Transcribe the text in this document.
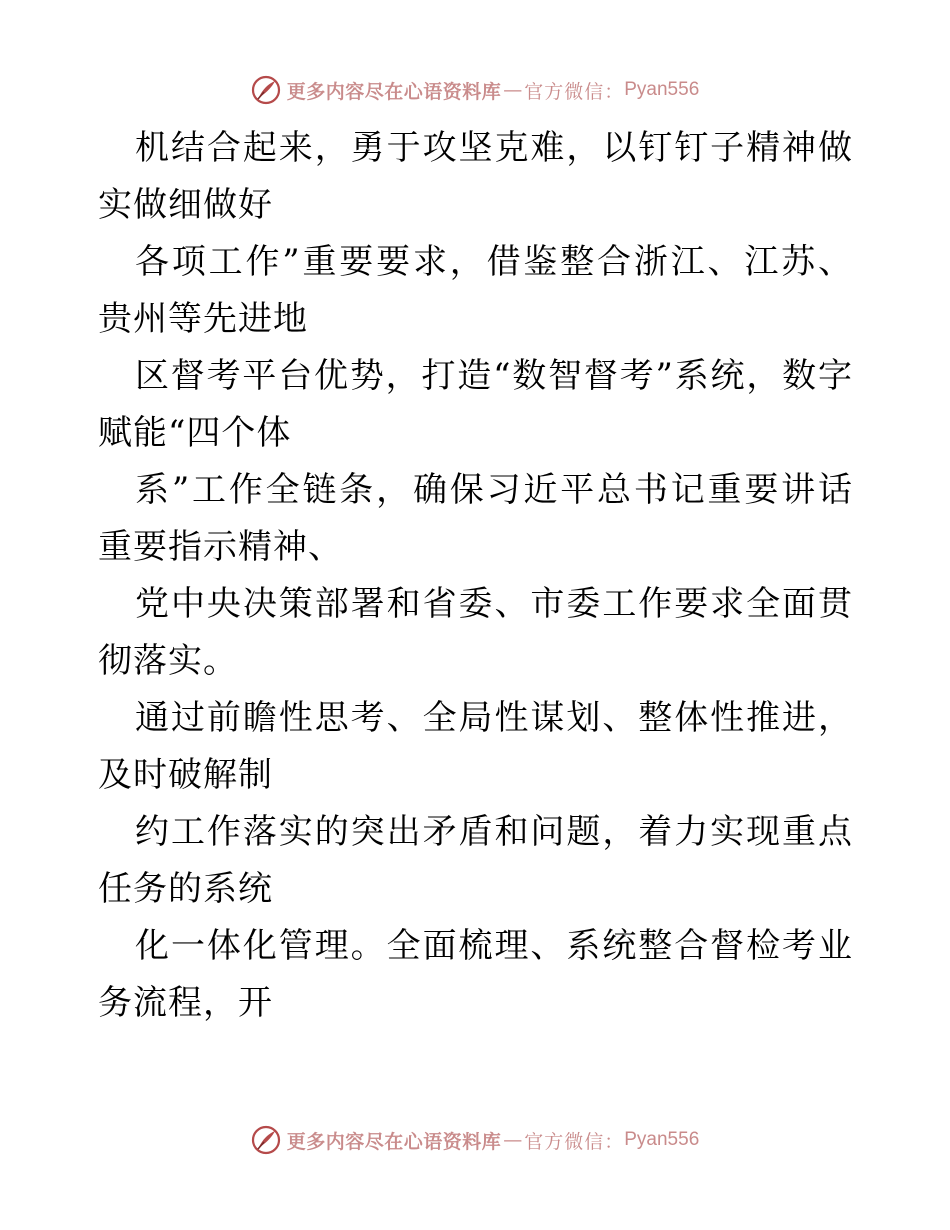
更多内容尽在心语资料库 — 官方微信： Pyan556

机结合起来，勇于攻坚克难，以钉钉子精神做实做细做好

各项工作”重要要求，借鉴整合浙江、江苏、贵州等先进地

区督考平台优势，打造“数智督考”系统，数字赋能“四个体

系”工作全链条，确保习近平总书记重要讲话重要指示精神、

党中央决策部署和省委、市委工作要求全面贯彻落实。

通过前瞻性思考、全局性谋划、整体性推进，及时破解制

约工作落实的突出矛盾和问题，着力实现重点任务的系统

化一体化管理。全面梳理、系统整合督检考业务流程，开

更多内容尽在心语资料库 — 官方微信： Pyan556
